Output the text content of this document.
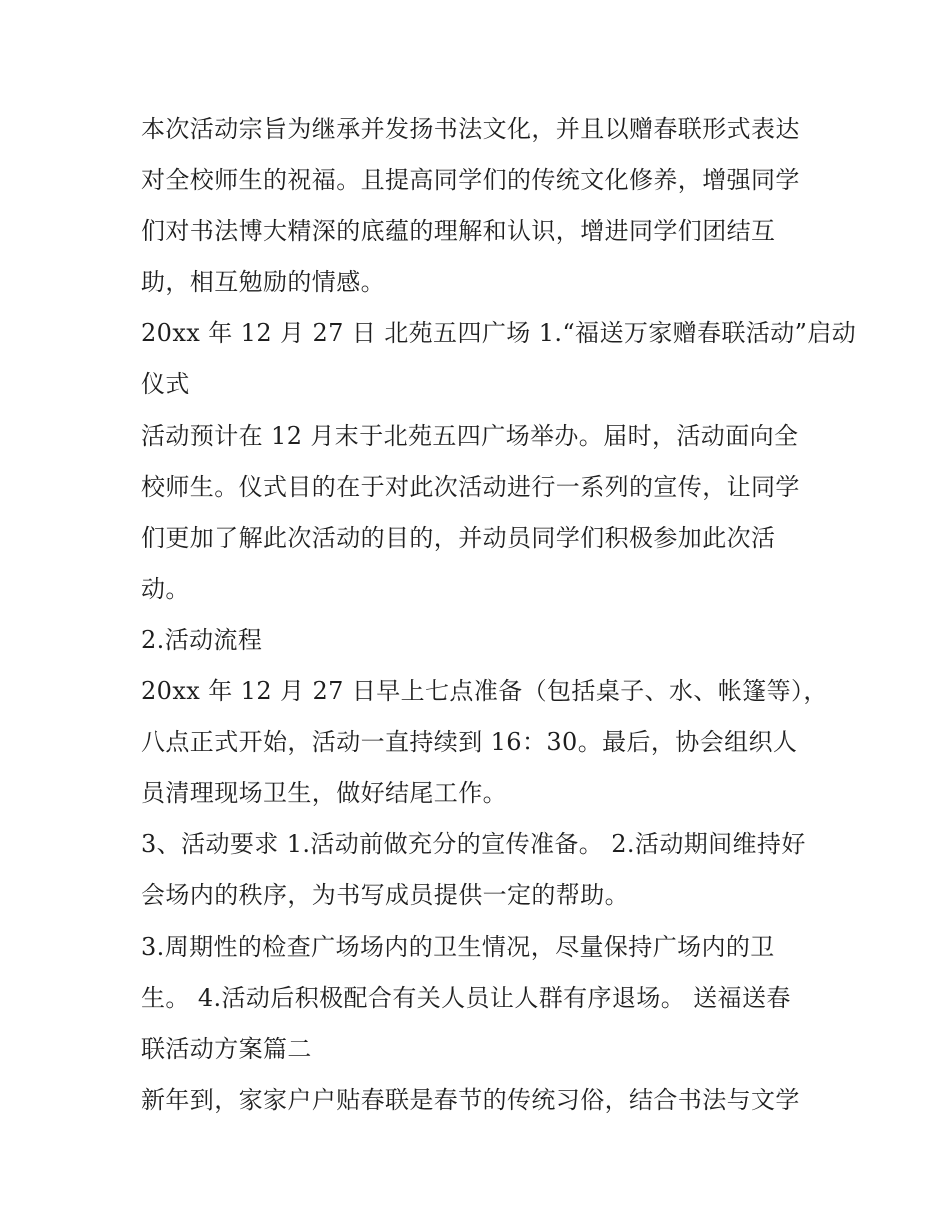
本次活动宗旨为继承并发扬书法文化，并且以赠春联形式表达
对全校师生的祝福。且提高同学们的传统文化修养，增强同学
们对书法博大精深的底蕴的理解和认识，增进同学们团结互
助，相互勉励的情感。
20xx 年 12 月 27 日 北苑五四广场 1.“福送万家赠春联活动”启动
仪式
活动预计在 12 月末于北苑五四广场举办。届时，活动面向全
校师生。仪式目的在于对此次活动进行一系列的宣传，让同学
们更加了解此次活动的目的，并动员同学们积极参加此次活
动。
2.活动流程
20xx 年 12 月 27 日早上七点准备（包括桌子、水、帐篷等），
八点正式开始，活动一直持续到 16：30。最后，协会组织人
员清理现场卫生，做好结尾工作。
3、活动要求 1.活动前做充分的宣传准备。 2.活动期间维持好
会场内的秩序，为书写成员提供一定的帮助。
3.周期性的检查广场场内的卫生情况，尽量保持广场内的卫
生。 4.活动后积极配合有关人员让人群有序退场。 送福送春
联活动方案篇二
新年到，家家户户贴春联是春节的传统习俗，结合书法与文学
